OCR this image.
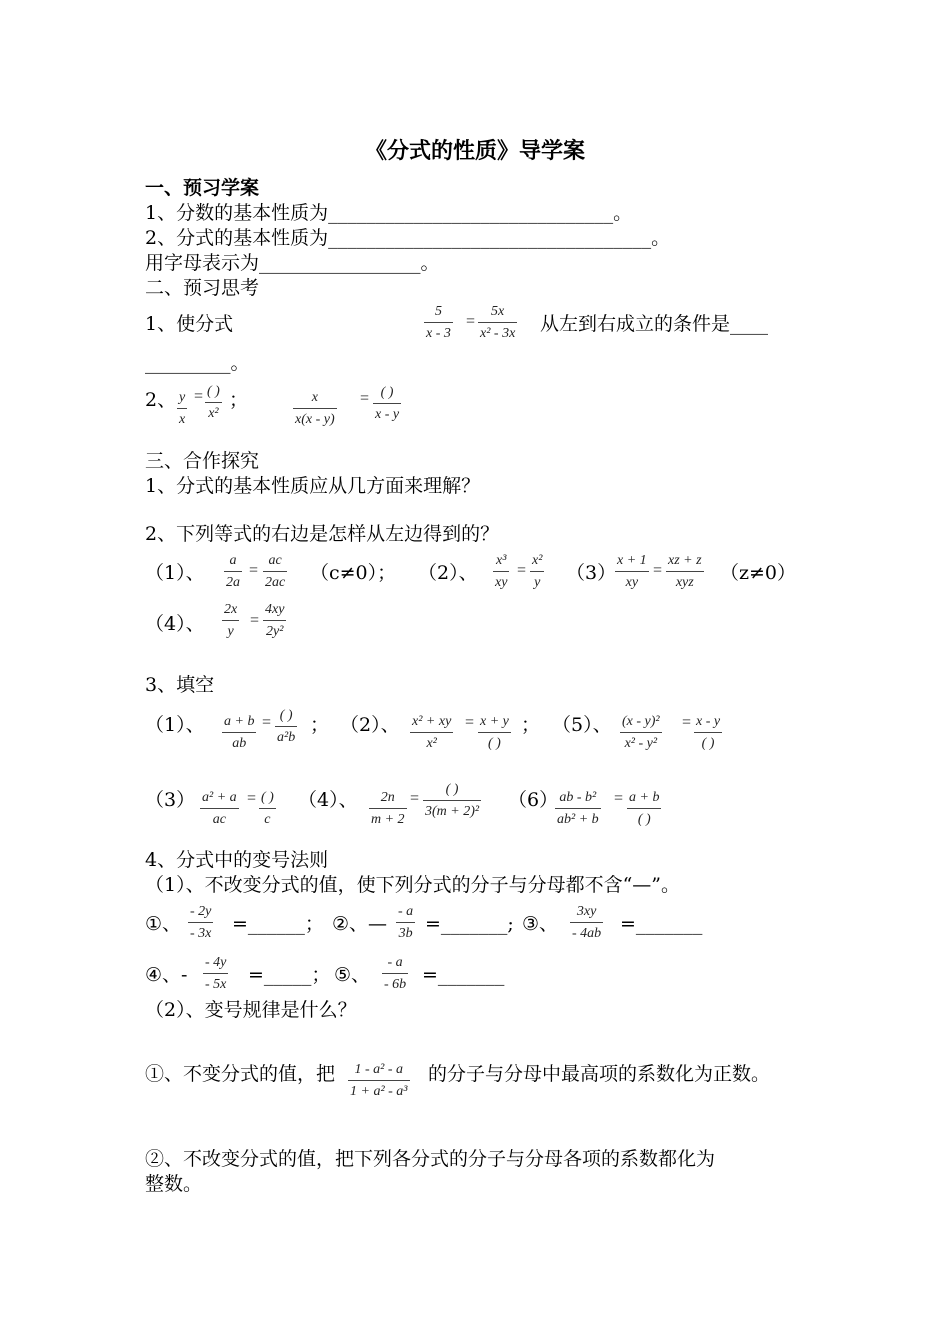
《分式的性质》导学案
一、预习学案
1、分数的基本性质为______________________________。
2、分式的基本性质为__________________________________。
用字母表示为_________________。
二、预习思考
1、使分式
5
x - 3
=
5x
x² - 3x 从左到右成立的条件是____
_________。
2、 y
x
= ( )
x²
；	x
x(x - y)
= ( )
x - y
三、合作探究
1、分式的基本性质应从几方面来理解？
2、下列等式的右边是怎样从左边得到的？
（1）、
a
2a
=
ac
2ac （c≠0）； （2）、
x³
xy
=
x²
y （3）
x + 1
xy
=
xz + z
xyz （z≠0）
（4）、
2x
y
=
4xy
2y²
3、填空
（1）、 a + b
ab
= ( )
a²b
； （2）、 x² + xy
x²
= x + y
( )
； （5）、 (x - y)²
x² - y²
= x - y
( )
（3） a² + a
ac
= ( )
c
（4）、 2n
m + 2
=
( )
3(m + 2)²
（6） ab - b²
ab² + b
= a + b
( )
4、分式中的变号法则
（1）、不改变分式的值，使下列分式的分子与分母都不含“—”。
①、
- 2y
- 3x =______； ②、—
- a
3b =_______; ③、
3xy
- 4ab =_______
④、-
- 4y
- 5x =_____； ⑤、
- a
- 6b =_______
（2）、变号规律是什么？
①、不变分式的值，把 1 - a² - a
1 + a² - a³
的分子与分母中最高项的系数化为正数。
②、不改变分式的值，把下列各分式的分子与分母各项的系数都化为
整数。
